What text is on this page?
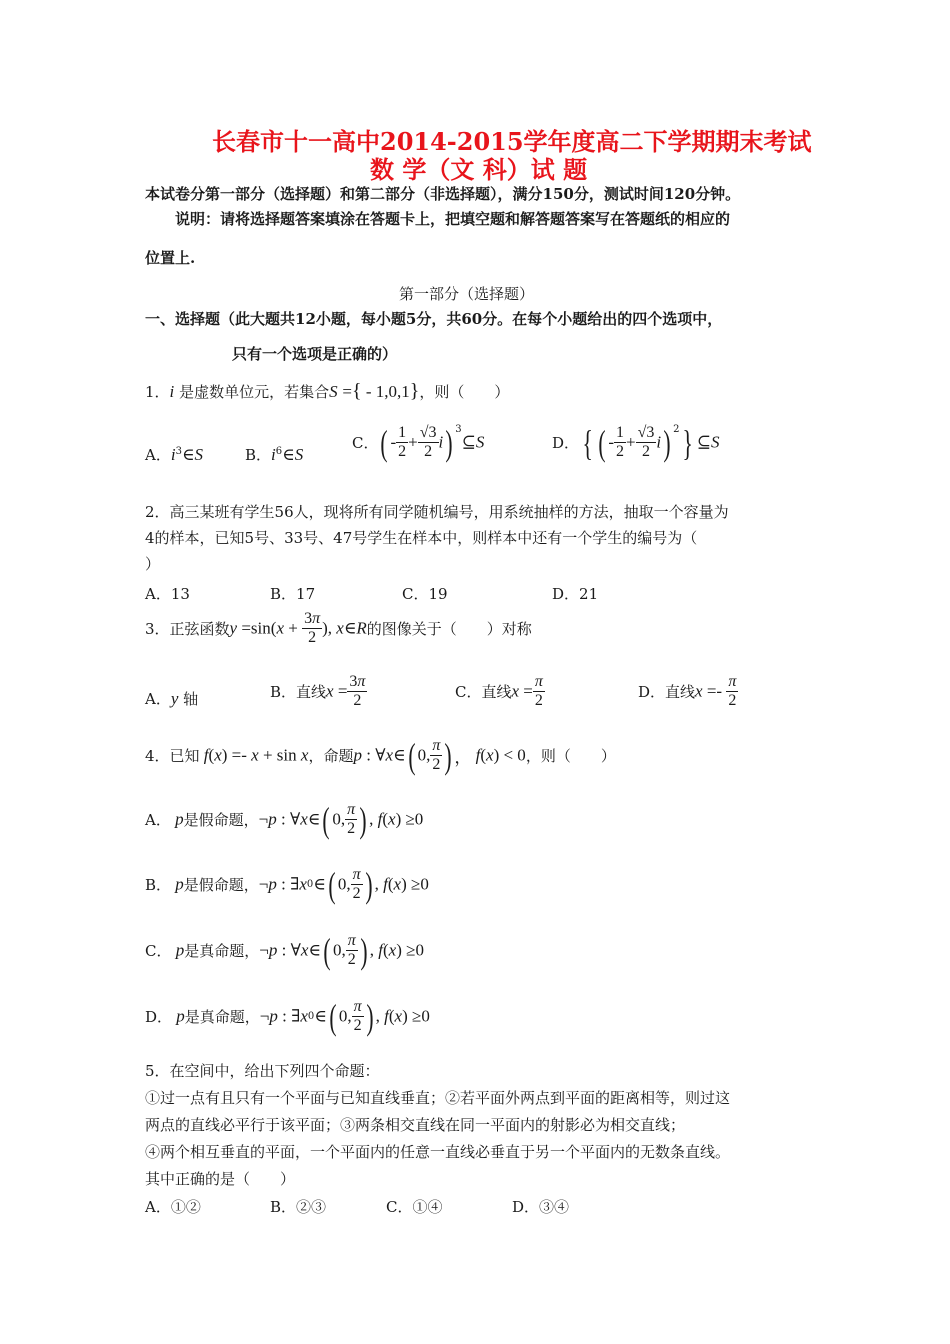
长春市十一高中2014-2015学年度高二下学期期末考试
数 学（文 科）试 题
本试卷分第一部分（选择题）和第二部分（非选择题），满分150分，测试时间120分钟。
说明：请将选择题答案填涂在答题卡上，把填空题和解答题答案写在答题纸的相应的
位置上.
第一部分（选择题）
一、选择题（此大题共12小题，每小题5分，共60分。在每个小题给出的四个选项中，
只有一个选项是正确的）
1．i 是虚数单位元，若集合S ={ - 1,0,1}，则（　　）
A．$i^3\in S$	B．$i^6\in S$
C．( - $\frac{1}{2} + \frac{√3}{2} i$) $^3$⊆S	D．{ ( - $\frac{1}{2} + \frac{√3}{2} i$) $^2$} ⊆S
2．高三某班有学生56人，现将所有同学随机编号，用系统抽样的方法，抽取一个容量为
4的样本，已知5号、33号、47号学生在样本中，则样本中还有一个学生的编号为（
）
A．13	B．17	C．19	D．21
3．正弦函数$y =\sin(x + \frac{3\pi}{2}$ ), x∈R的图像关于（　　）对称
A．y 轴	B．直线$x = \frac{3\pi}{2}$	C．直线$x = \frac{\pi}{2}$	D．直线$x =- \frac{\pi}{2}$
4．已知 f(x) =- x + sin x，命题p : ∀x∈( 0, $\frac{\pi}{2}$ ) ， f(x) < 0，则（　　）
A． p是假命题，¬p : ∀x∈( 0, $\frac{\pi}{2}$ ) , f(x) ≥0
B． p是假命题，¬p : ∃x0∈( 0, $\frac{\pi}{2}$ ) , f(x) ≥0
C． p是真命题，¬p : ∀x∈( 0, $\frac{\pi}{2}$ ) , f(x) ≥0
D． p是真命题，¬p : ∃x0∈( 0, $\frac{\pi}{2}$ ) , f(x) ≥0
5．在空间中，给出下列四个命题：
①过一点有且只有一个平面与已知直线垂直；②若平面外两点到平面的距离相等，则过这
两点的直线必平行于该平面；③两条相交直线在同一平面内的射影必为相交直线；
④两个相互垂直的平面，一个平面内的任意一直线必垂直于另一个平面内的无数条直线。
其中正确的是（　　）
A．①②	B．②③	C．①④	D．③④
